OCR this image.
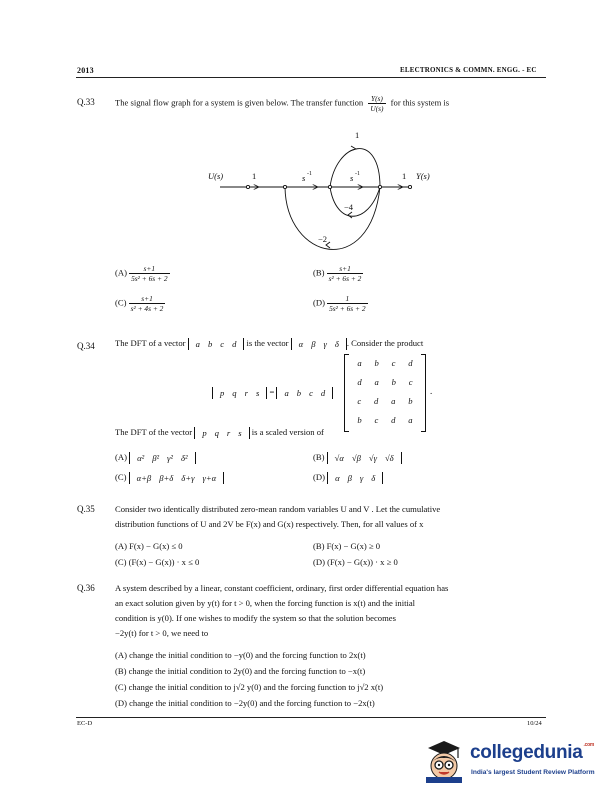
2013	ELECTRONICS & COMMN. ENGG. - EC
Q.33 The signal flow graph for a system is given below. The transfer function $\frac{Y(s)}{U(s)}$ for this system is
U(s)	1	s -1	s -1	1 Y(s)
1
−4
−2
$(A) \frac{s+1}{\text{5s² + 6s + 2}}$	$(B) \frac{s+1}{\text{s² + 6s + 2}}$
$(C) \frac{s+1}{\text{s² + 4s + 2}}$	$(D) \frac{1}{\text{5s² + 6s + 2}}$
Q.34 The DFT of a vector a b c d is the vector α β γ δ . Consider the product
p q r s = a b c d
a b c d
d a b c
c d a b
b c d a
.
The DFT of the vector p q r s is a scaled version of
(A) α² β² γ² δ²	(B) √α √β √γ √δ
(C) α+β β+δ δ+γ γ+α	(D) α β γ δ
Q.35 Consider two identically distributed zero-mean random variables U and V . Let the cumulative
distribution functions of U and 2V be F(x) and G(x) respectively. Then, for all values of x
(A) F(x) − G(x) ≤ 0	(B) F(x) − G(x) ≥ 0
(C) (F(x) − G(x)) · x ≤ 0	(D) (F(x) − G(x)) · x ≥ 0
Q.36 A system described by a linear, constant coefficient, ordinary, first order differential equation has
an exact solution given by y(t) for t > 0, when the forcing function is x(t) and the initial
condition is y(0). If one wishes to modify the system so that the solution becomes
−2y(t) for t > 0, we need to
(A) change the initial condition to −y(0) and the forcing function to 2x(t)
(B) change the initial condition to 2y(0) and the forcing function to −x(t)
(C) change the initial condition to j√2 y(0) and the forcing function to j√2 x(t)
(D) change the initial condition to −2y(0) and the forcing function to −2x(t)
EC-D	10/24
collegedunia$^{.com}$
India's largest Student Review Platform
